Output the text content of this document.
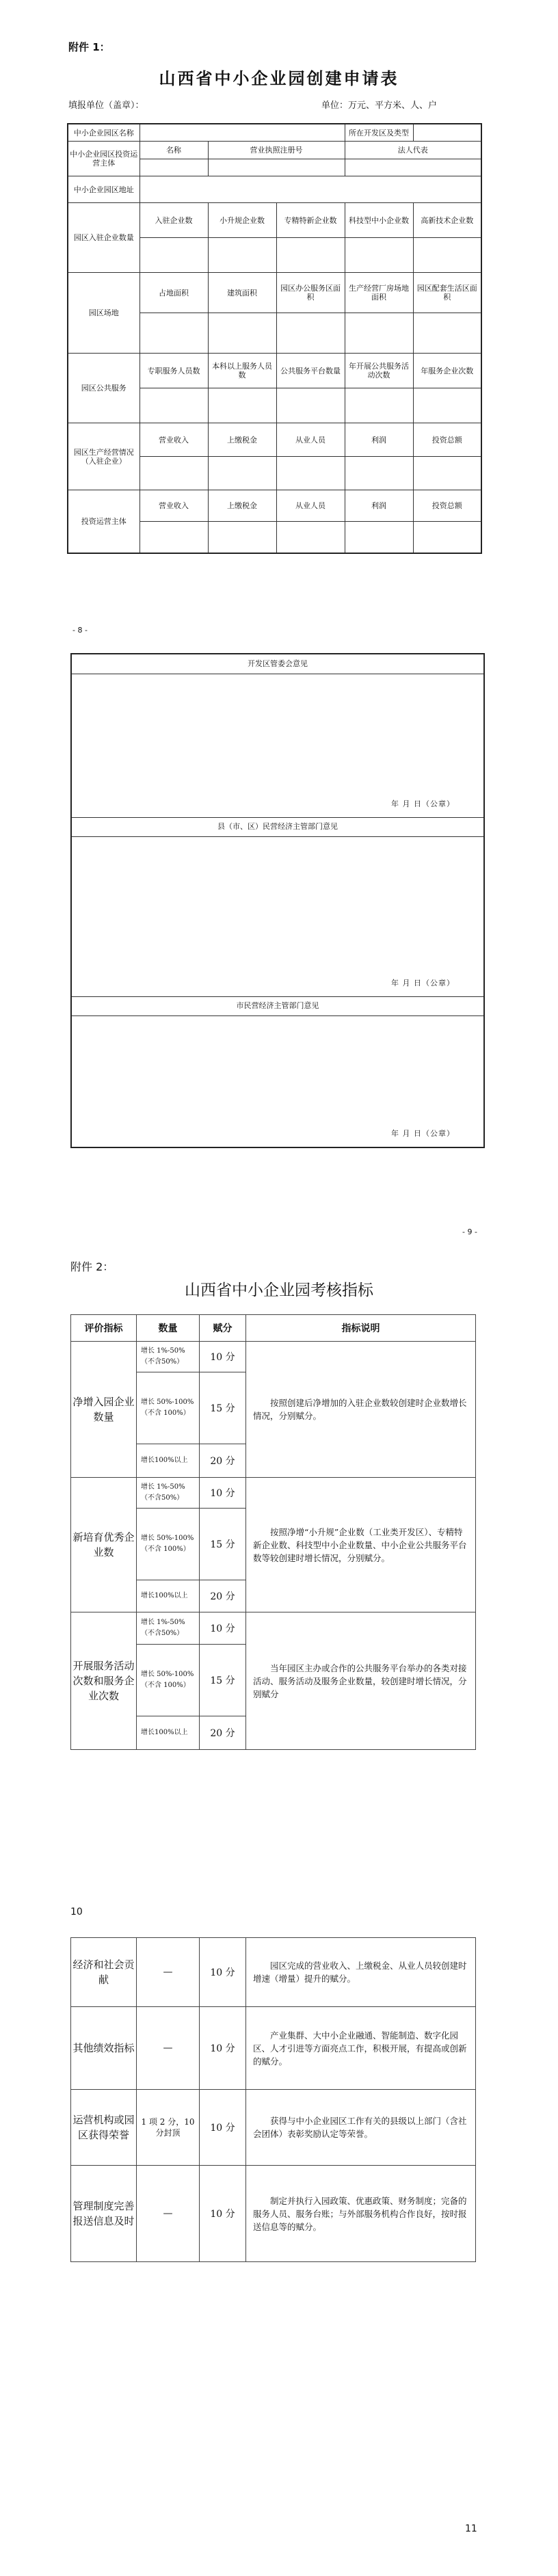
附件 1：
山西省中小企业园创建申请表
填报单位（盖章）：	单位：万元、平方米、人、户
中小企业园区名称				所在开发区及类型	
中小企业园区投资运营主体	名称	营业执照注册号		法人代表	

中小企业园区地址					
园区入驻企业数量	入驻企业数	小升规企业数	专精特新企业数	科技型中小企业数	高新技术企业数

园区场地	占地面积	建筑面积	园区办公服务区面积	生产经营厂房场地面积	园区配套生活区面积

园区公共服务	专职服务人员数	本科以上服务人员数	公共服务平台数量	年开展公共服务活动次数	年服务企业次数

园区生产经营情况（入驻企业）	营业收入	上缴税金	从业人员	利润	投资总额

投资运营主体	营业收入	上缴税金	从业人员	利润	投资总额

- 8 -
开发区管委会意见
年 月 日（公章）
县（市、区）民营经济主管部门意见
年 月 日（公章）
市民营经济主管部门意见
年 月 日（公章）
- 9 -
附件 2：
山西省中小企业园考核指标
评价指标	数量	赋分	指标说明
净增入园企业数量	增长 1%-50%（不含50%）	10 分	按照创建后净增加的入驻企业数较创建时企业数增长情况，分别赋分。
	增长 50%-100%（不含 100%）	15 分	
	增长100%以上	20 分	
新培育优秀企业数	增长 1%-50%（不含50%）	10 分	按照净增“小升规”企业数（工业类开发区）、专精特新企业数、科技型中小企业数量、中小企业公共服务平台数等较创建时增长情况，分别赋分。
	增长 50%-100%（不含 100%）	15 分	
	增长100%以上	20 分	
开展服务活动次数和服务企业次数	增长 1%-50%（不含50%）	10 分	当年园区主办或合作的公共服务平台举办的各类对接活动、服务活动及服务企业数量，较创建时增长情况，分别赋分
	增长 50%-100%（不含 100%）	15 分	
	增长100%以上	20 分	
10
经济和社会贡献	—	10 分	园区完成的营业收入、上缴税金、从业人员较创建时增速（增量）提升的赋分。
其他绩效指标	—	10 分	产业集群、大中小企业融通、智能制造、数字化园区、人才引进等方面亮点工作，积极开展，有提高或创新的赋分。
运营机构或园区获得荣誉	1 项 2 分，10 分封顶	10 分	获得与中小企业园区工作有关的县级以上部门（含社会团体）表彰奖励认定等荣誉。
管理制度完善报送信息及时	—	10 分	制定并执行入园政策、优惠政策、财务制度；完备的服务人员、服务台账；与外部服务机构合作良好，按时报送信息等的赋分。
11
